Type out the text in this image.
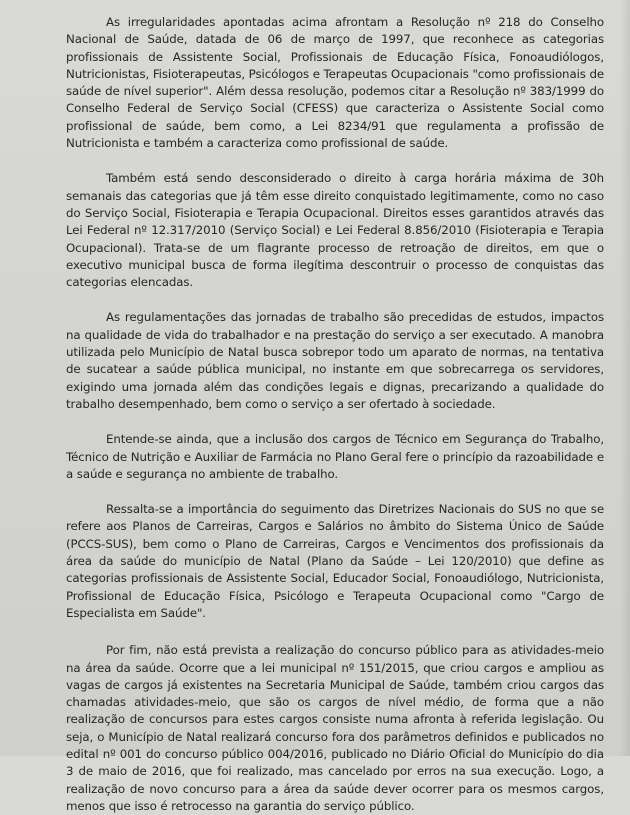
As irregularidades apontadas acima afrontam a Resolução nº 218 do Conselho Nacional de Saúde, datada de 06 de março de 1997, que reconhece as categorias profissionais de Assistente Social, Profissionais de Educação Física, Fonoaudiólogos, Nutricionistas, Fisioterapeutas, Psicólogos e Terapeutas Ocupacionais "como profissionais de saúde de nível superior". Além dessa resolução, podemos citar a Resolução nº 383/1999 do Conselho Federal de Serviço Social (CFESS) que caracteriza o Assistente Social como profissional de saúde, bem como, a Lei 8234/91 que regulamenta a profissão de Nutricionista e também a caracteriza como profissional de saúde.

Também está sendo desconsiderado o direito à carga horária máxima de 30h semanais das categorias que já têm esse direito conquistado legitimamente, como no caso do Serviço Social, Fisioterapia e Terapia Ocupacional. Direitos esses garantidos através das Lei Federal nº 12.317/2010 (Serviço Social) e Lei Federal 8.856/2010 (Fisioterapia e Terapia Ocupacional). Trata-se de um flagrante processo de retroação de direitos, em que o executivo municipal busca de forma ilegítima descontruir o processo de conquistas das categorias elencadas.

As regulamentações das jornadas de trabalho são precedidas de estudos, impactos na qualidade de vida do trabalhador e na prestação do serviço a ser executado. A manobra utilizada pelo Município de Natal busca sobrepor todo um aparato de normas, na tentativa de sucatear a saúde pública municipal, no instante em que sobrecarrega os servidores, exigindo uma jornada além das condições legais e dignas, precarizando a qualidade do trabalho desempenhado, bem como o serviço a ser ofertado à sociedade.

Entende-se ainda, que a inclusão dos cargos de Técnico em Segurança do Trabalho, Técnico de Nutrição e Auxiliar de Farmácia no Plano Geral fere o princípio da razoabilidade e a saúde e segurança no ambiente de trabalho.

Ressalta-se a importância do seguimento das Diretrizes Nacionais do SUS no que se refere aos Planos de Carreiras, Cargos e Salários no âmbito do Sistema Único de Saúde (PCCS-SUS), bem como o Plano de Carreiras, Cargos e Vencimentos dos profissionais da área da saúde do município de Natal (Plano da Saúde – Lei 120/2010) que define as categorias profissionais de Assistente Social, Educador Social, Fonoaudiólogo, Nutricionista, Profissional de Educação Física, Psicólogo e Terapeuta Ocupacional como "Cargo de Especialista em Saúde".

Por fim, não está prevista a realização do concurso público para as atividades-meio na área da saúde. Ocorre que a lei municipal nº 151/2015, que criou cargos e ampliou as vagas de cargos já existentes na Secretaria Municipal de Saúde, também criou cargos das chamadas atividades-meio, que são os cargos de nível médio, de forma que a não realização de concursos para estes cargos consiste numa afronta à referida legislação. Ou seja, o Município de Natal realizará concurso fora dos parâmetros definidos e publicados no edital nº 001 do concurso público 004/2016, publicado no Diário Oficial do Município do dia 3 de maio de 2016, que foi realizado, mas cancelado por erros na sua execução. Logo, a realização de novo concurso para a área da saúde dever ocorrer para os mesmos cargos, menos que isso é retrocesso na garantia do serviço público.
